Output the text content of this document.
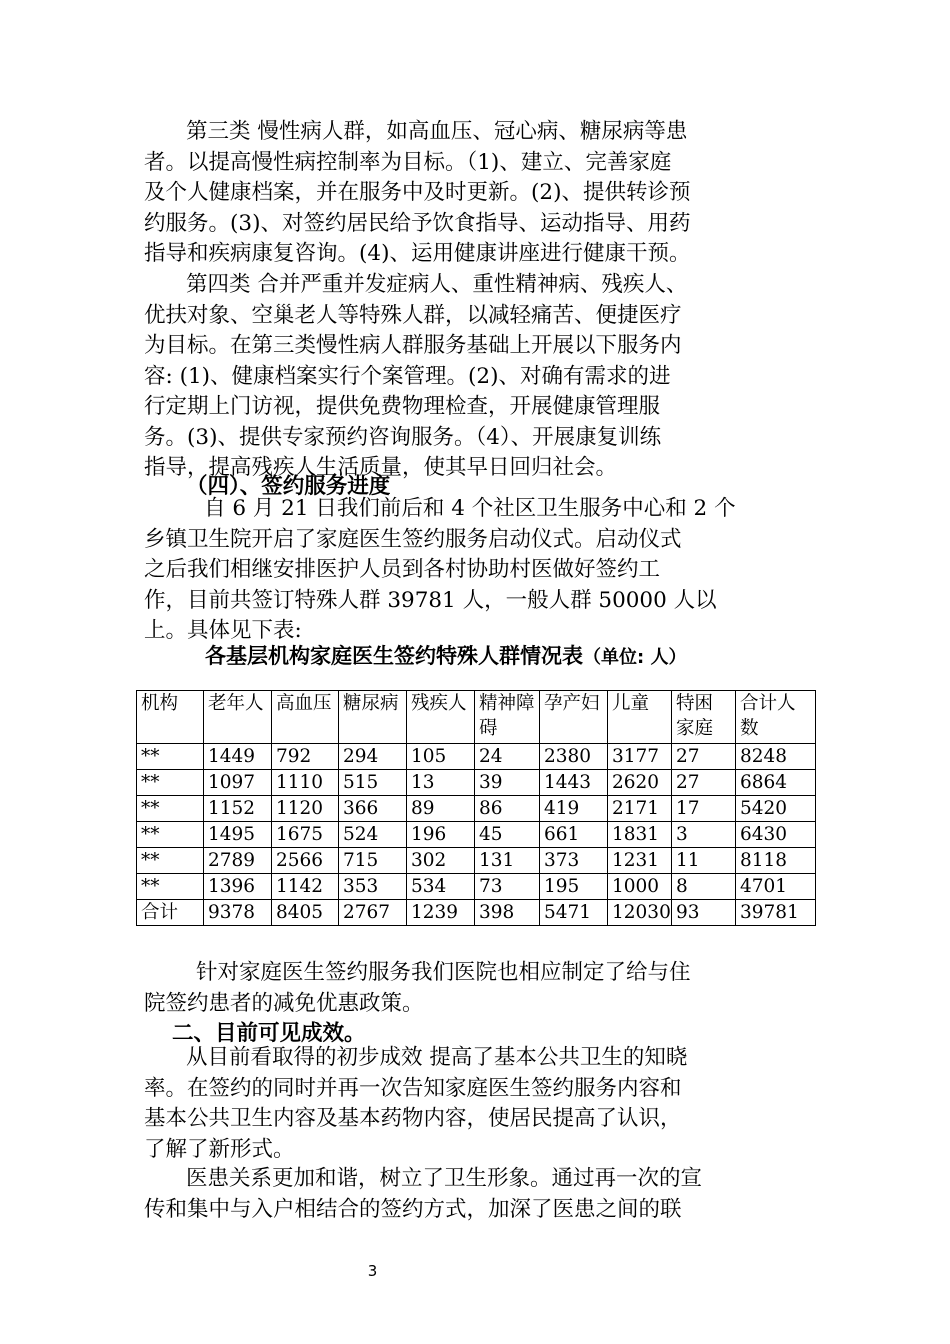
第三类 慢性病人群，如高血压、冠心病、糖尿病等患
者。以提高慢性病控制率为目标。（1)、建立、完善家庭
及个人健康档案，并在服务中及时更新。(2)、提供转诊预
约服务。(3)、对签约居民给予饮食指导、运动指导、用药
指导和疾病康复咨询。(4)、运用健康讲座进行健康干预。
第四类 合并严重并发症病人、重性精神病、残疾人、
优扶对象、空巢老人等特殊人群，以减轻痛苦、便捷医疗
为目标。在第三类慢性病人群服务基础上开展以下服务内
容: (1)、健康档案实行个案管理。(2)、对确有需求的进
行定期上门访视，提供免费物理检查，开展健康管理服
务。(3)、提供专家预约咨询服务。（4）、开展康复训练
指导，提高残疾人生活质量，使其早日回归社会。
（四）、签约服务进度
自 6 月 21 日我们前后和 4 个社区卫生服务中心和 2 个
乡镇卫生院开启了家庭医生签约服务启动仪式。启动仪式
之后我们相继安排医护人员到各村协助村医做好签约工
作，目前共签订特殊人群 39781 人，一般人群 50000 人以
上。具体见下表:
各基层机构家庭医生签约特殊人群情况表（单位: 人）
机构	老年人	高血压	糖尿病	残疾人	精神障碍	孕产妇	儿童	特困家庭	合计人数
**	1449	792	294	105	24	2380	3177	27	8248
**	1097	1110	515	13	39	1443	2620	27	6864
**	1152	1120	366	89	86	419	2171	17	5420
**	1495	1675	524	196	45	661	1831	3	6430
**	2789	2566	715	302	131	373	1231	11	8118
**	1396	1142	353	534	73	195	1000	8	4701
合计	9378	8405	2767	1239	398	5471	12030	93	39781
针对家庭医生签约服务我们医院也相应制定了给与住
院签约患者的减免优惠政策。
二、目前可见成效。
从目前看取得的初步成效 提高了基本公共卫生的知晓
率。在签约的同时并再一次告知家庭医生签约服务内容和
基本公共卫生内容及基本药物内容，使居民提高了认识，
了解了新形式。
医患关系更加和谐，树立了卫生形象。通过再一次的宣
传和集中与入户相结合的签约方式，加深了医患之间的联
3
